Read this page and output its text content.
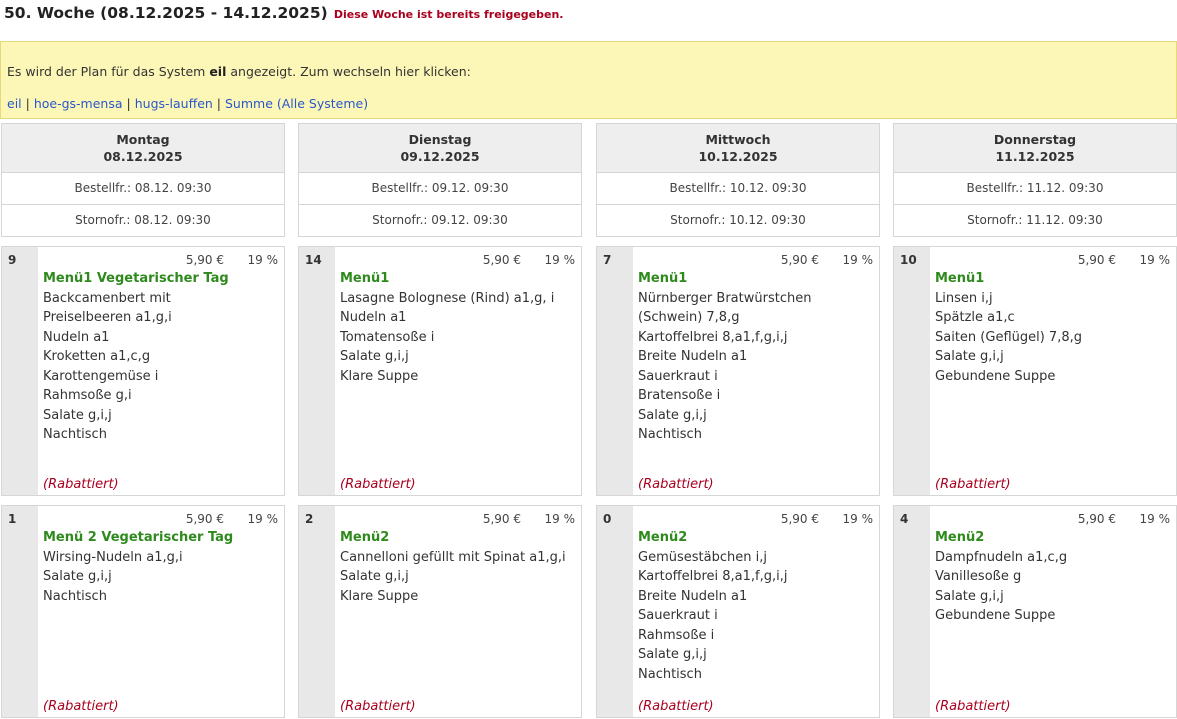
50. Woche (08.12.2025 - 14.12.2025) Diese Woche ist bereits freigegeben.
Es wird der Plan für das System eil angezeigt. Zum wechseln hier klicken:
eil | hoe-gs-mensa | hugs-lauffen | Summe (Alle Systeme)
Montag
08.12.2025
Bestellfr.: 08.12. 09:30
Stornofr.: 08.12. 09:30
Dienstag
09.12.2025
Bestellfr.: 09.12. 09:30
Stornofr.: 09.12. 09:30
Mittwoch
10.12.2025
Bestellfr.: 10.12. 09:30
Stornofr.: 10.12. 09:30
Donnerstag
11.12.2025
Bestellfr.: 11.12. 09:30
Stornofr.: 11.12. 09:30
9	5,90 € 19 %
Menü1 Vegetarischer Tag
Backcamenbert mit
Preiselbeeren a1,g,i
Nudeln a1
Kroketten a1,c,g
Karottengemüse i
Rahmsoße g,i
Salate g,i,j
Nachtisch
(Rabattiert)
14	5,90 € 19 %
Menü1
Lasagne Bolognese (Rind) a1,g, i
Nudeln a1
Tomatensoße i
Salate g,i,j
Klare Suppe
(Rabattiert)
7	5,90 € 19 %
Menü1
Nürnberger Bratwürstchen
(Schwein) 7,8,g
Kartoffelbrei 8,a1,f,g,i,j
Breite Nudeln a1
Sauerkraut i
Bratensoße i
Salate g,i,j
Nachtisch
(Rabattiert)
10	5,90 € 19 %
Menü1
Linsen i,j
Spätzle a1,c
Saiten (Geflügel) 7,8,g
Salate g,i,j
Gebundene Suppe
(Rabattiert)
1	5,90 € 19 %
Menü 2 Vegetarischer Tag
Wirsing-Nudeln a1,g,i
Salate g,i,j
Nachtisch
(Rabattiert)
2	5,90 € 19 %
Menü2
Cannelloni gefüllt mit Spinat a1,g,i
Salate g,i,j
Klare Suppe
(Rabattiert)
0	5,90 € 19 %
Menü2
Gemüsestäbchen i,j
Kartoffelbrei 8,a1,f,g,i,j
Breite Nudeln a1
Sauerkraut i
Rahmsoße i
Salate g,i,j
Nachtisch
(Rabattiert)
4	5,90 € 19 %
Menü2
Dampfnudeln a1,c,g
Vanillesoße g
Salate g,i,j
Gebundene Suppe
(Rabattiert)
